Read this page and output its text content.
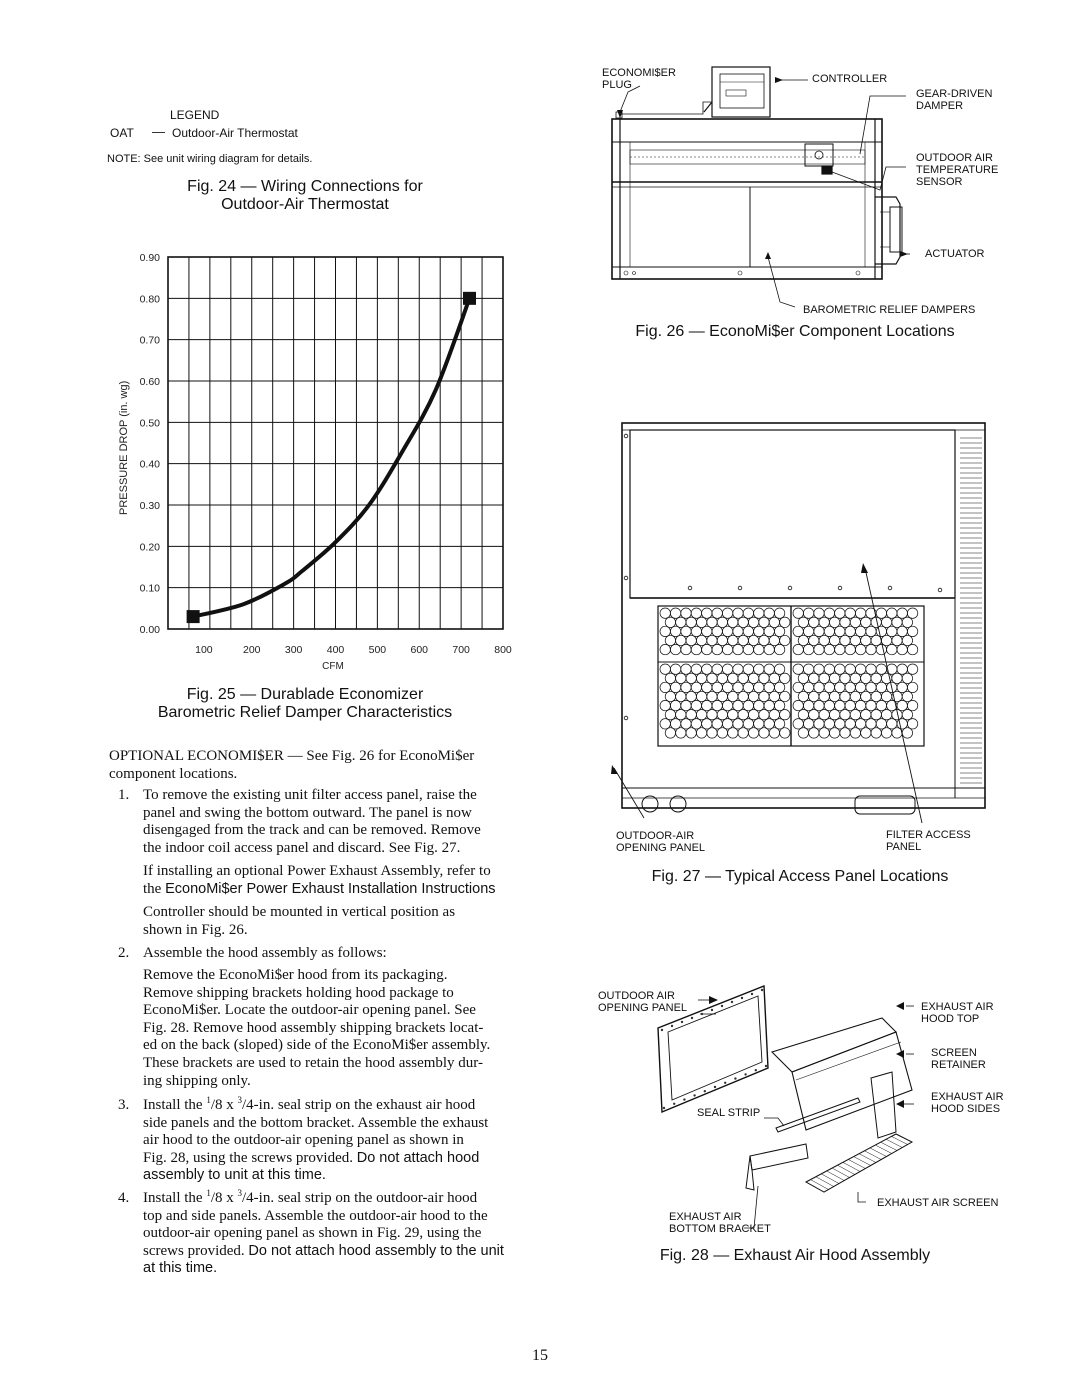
LEGEND
OAT — Outdoor-Air Thermostat
NOTE: See unit wiring diagram for details.
Fig. 24 — Wiring Connections for
Outdoor-Air Thermostat
0.00
0.10
0.20
0.30
0.40
0.50
0.60
0.70
0.80
0.90
100	200 300 400 500 600 700 800
PRESSURE DROP (in. wg)
CFM
Fig. 25 — Durablade Economizer
Barometric Relief Damper Characteristics
OPTIONAL ECONOMI$ER — See Fig. 26 for EconoMi$er
component locations.
1. To remove the existing unit filter access panel, raise the
panel and swing the bottom outward. The panel is now
disengaged from the track and can be removed. Remove
the indoor coil access panel and discard. See Fig. 27.
If installing an optional Power Exhaust Assembly, refer to
the EconoMi$er Power Exhaust Installation Instructions
Controller should be mounted in vertical position as
shown in Fig. 26.
2. Assemble the hood assembly as follows:
Remove the EconoMi$er hood from its packaging.
Remove shipping brackets holding hood package to
EconoMi$er. Locate the outdoor-air opening panel. See
Fig. 28. Remove hood assembly shipping brackets locat-
ed on the back (sloped) side of the EconoMi$er assembly.
These brackets are used to retain the hood assembly dur-
ing shipping only.
3. Install the $^1$/8 x $^3$/4-in. seal strip on the exhaust air hood
side panels and the bottom bracket. Assemble the exhaust
air hood to the outdoor-air opening panel as shown in
Fig. 28, using the screws provided. Do not attach hood
assembly to unit at this time.
4. Install the $^1$/8 x $^3$/4-in. seal strip on the outdoor-air hood
top and side panels. Assemble the outdoor-air hood to the
outdoor-air opening panel as shown in Fig. 29, using the
screws provided. Do not attach hood assembly to the unit
at this time.
ECONOMI$ER
PLUG	CONTROLLER
GEAR-DRIVEN
DAMPER
OUTDOOR AIR
TEMPERATURE
SENSOR
ACTUATOR
BAROMETRIC RELIEF DAMPERS
Fig. 26 — EconoMi$er Component Locations
OUTDOOR-AIR
OPENING PANEL
FILTER ACCESS
PANEL
Fig. 27 — Typical Access Panel Locations
OUTDOOR AIR
OPENING PANEL	EXHAUST AIR
HOOD TOP
SCREEN
RETAINER
EXHAUST AIR
HOOD SIDES
SEAL STRIP
EXHAUST AIR SCREEN
EXHAUST AIR
BOTTOM BRACKET
Fig. 28 — Exhaust Air Hood Assembly
15
